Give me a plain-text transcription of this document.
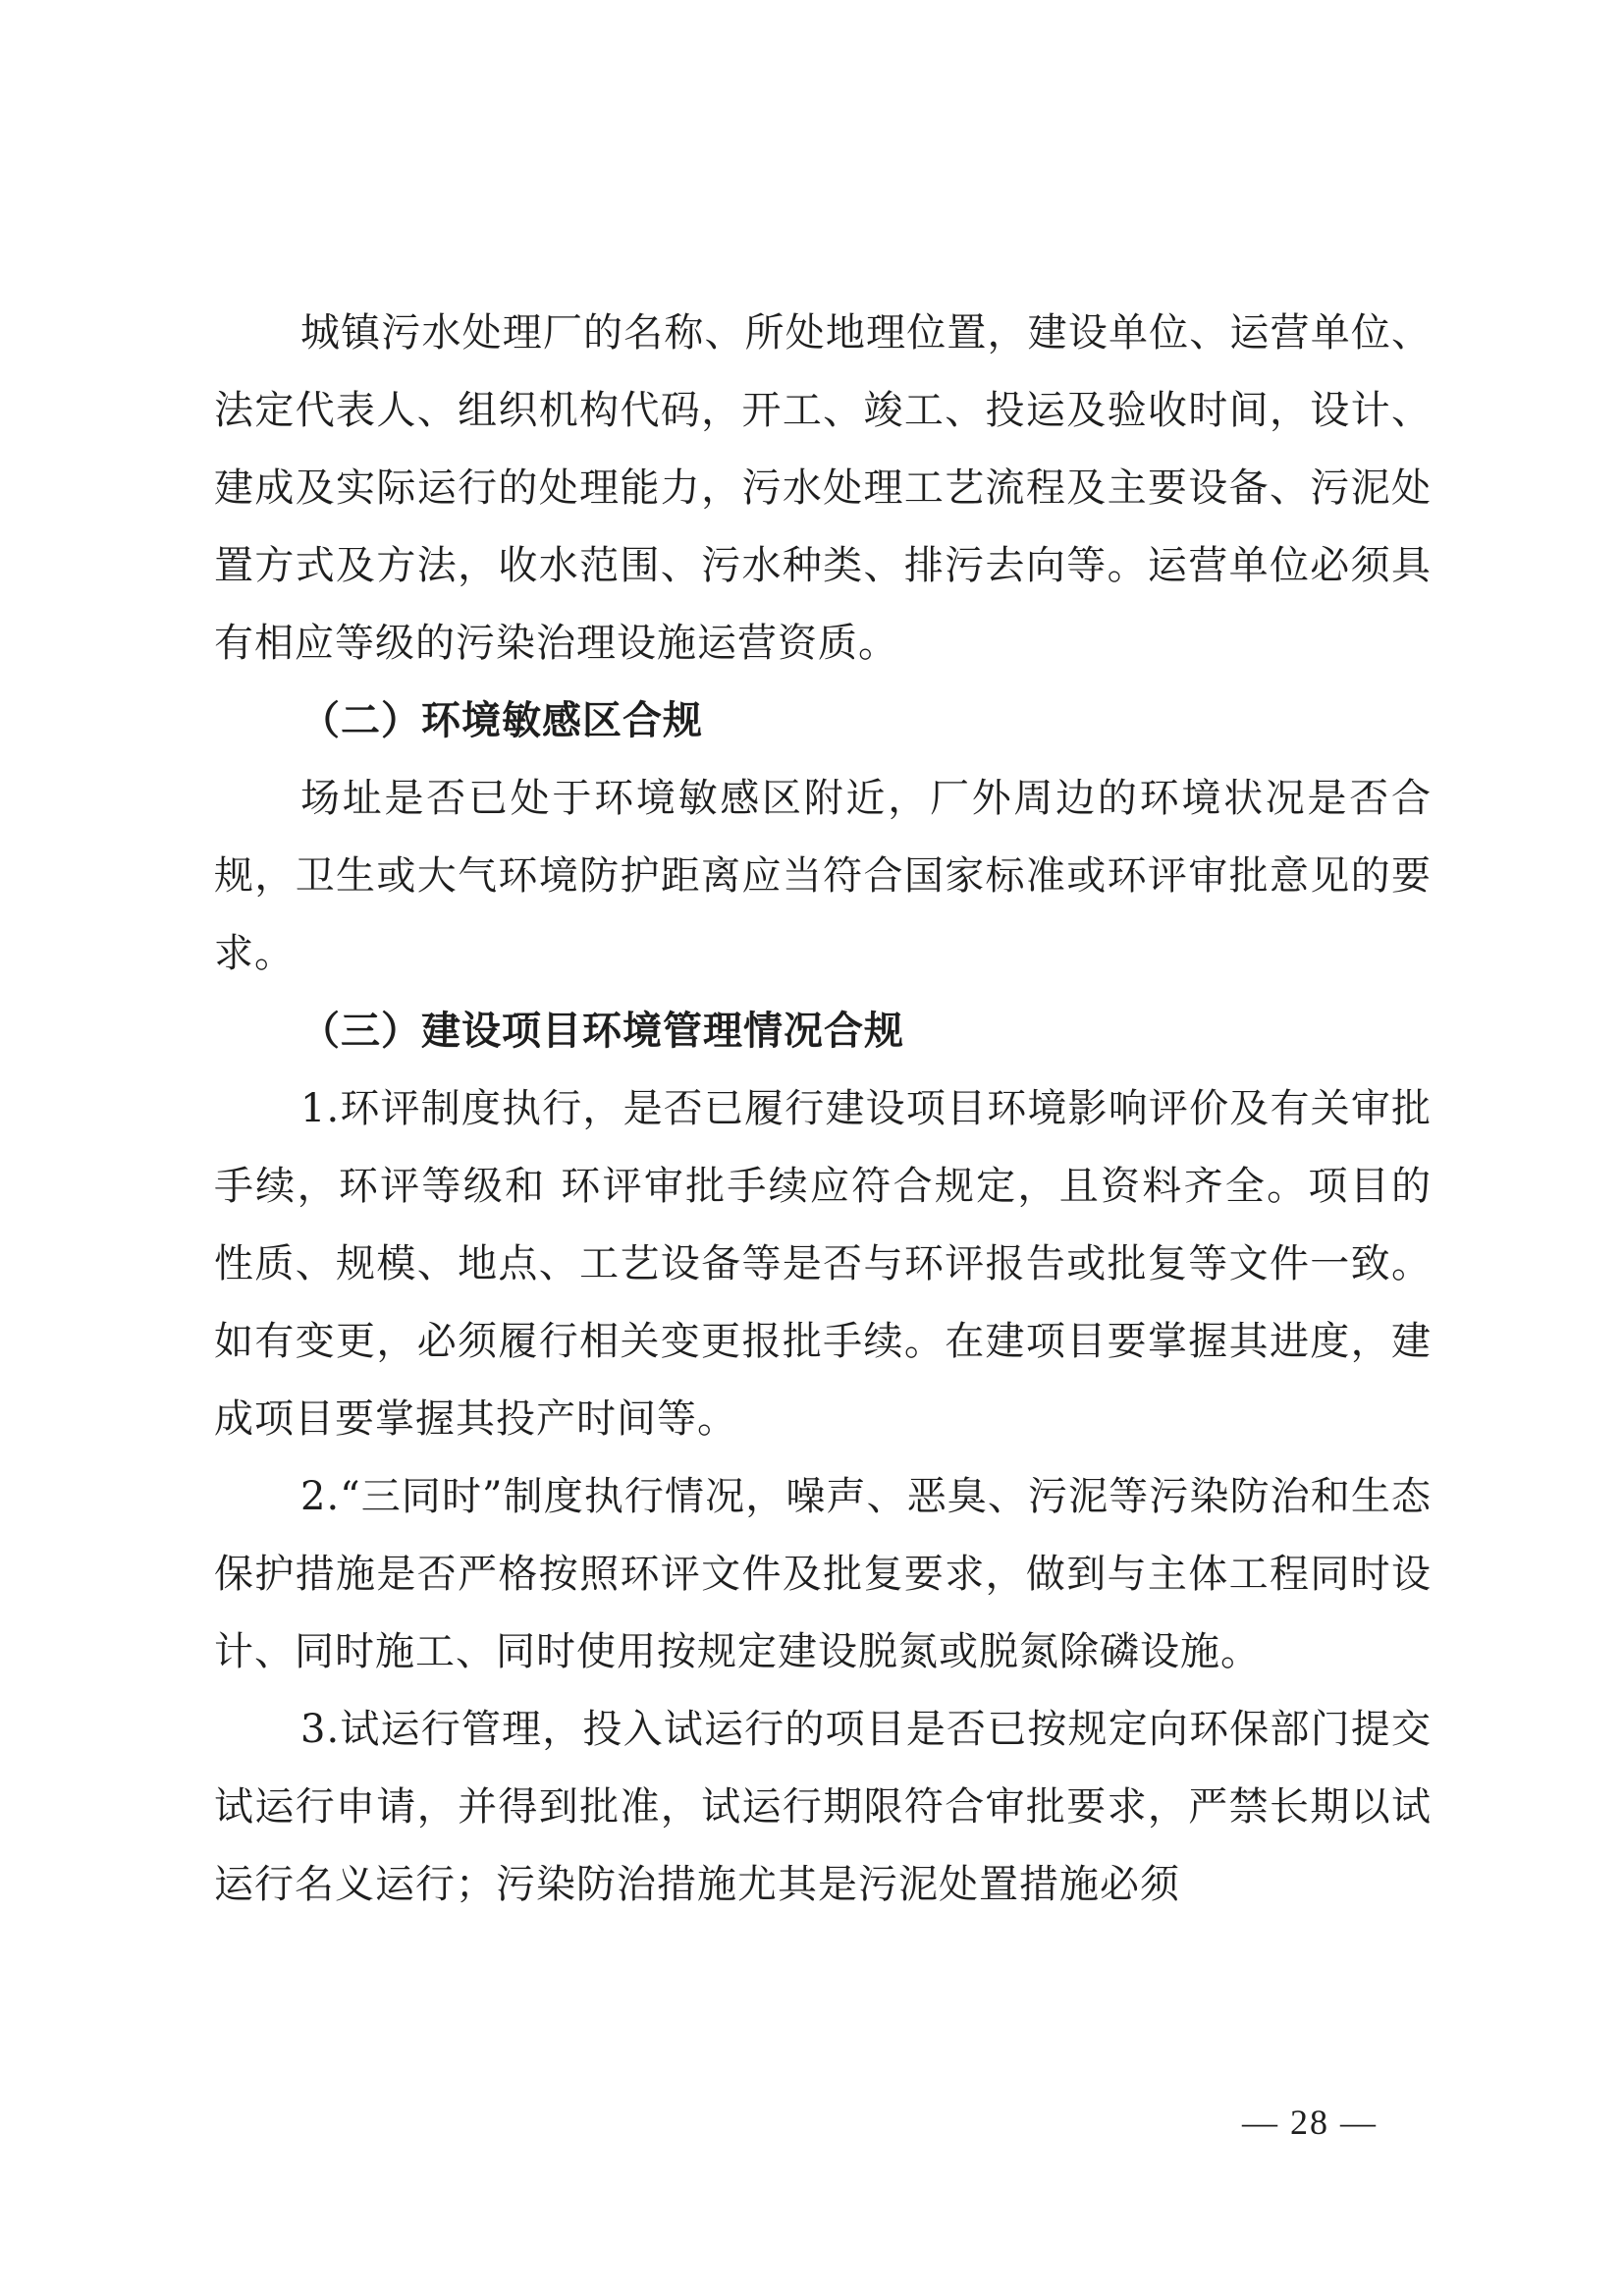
城镇污水处理厂的名称、所处地理位置，建设单位、运营单位、法定代表人、组织机构代码，开工、竣工、投运及验收时间，设计、建成及实际运行的处理能力，污水处理工艺流程及主要设备、污泥处置方式及方法，收水范围、污水种类、排污去向等。运营单位必须具有相应等级的污染治理设施运营资质。

（二）环境敏感区合规

场址是否已处于环境敏感区附近，厂外周边的环境状况是否合规，卫生或大气环境防护距离应当符合国家标准或环评审批意见的要求。

（三）建设项目环境管理情况合规

1.环评制度执行，是否已履行建设项目环境影响评价及有关审批手续，环评等级和 环评审批手续应符合规定，且资料齐全。项目的性质、规模、地点、工艺设备等是否与环评报告或批复等文件一致。如有变更，必须履行相关变更报批手续。在建项目要掌握其进度，建成项目要掌握其投产时间等。

2.“三同时”制度执行情况，噪声、恶臭、污泥等污染防治和生态保护措施是否严格按照环评文件及批复要求，做到与主体工程同时设计、同时施工、同时使用按规定建设脱氮或脱氮除磷设施。

3.试运行管理，投入试运行的项目是否已按规定向环保部门提交试运行申请，并得到批准，试运行期限符合审批要求，严禁长期以试运行名义运行；污染防治措施尤其是污泥处置措施必须

— 28 —
